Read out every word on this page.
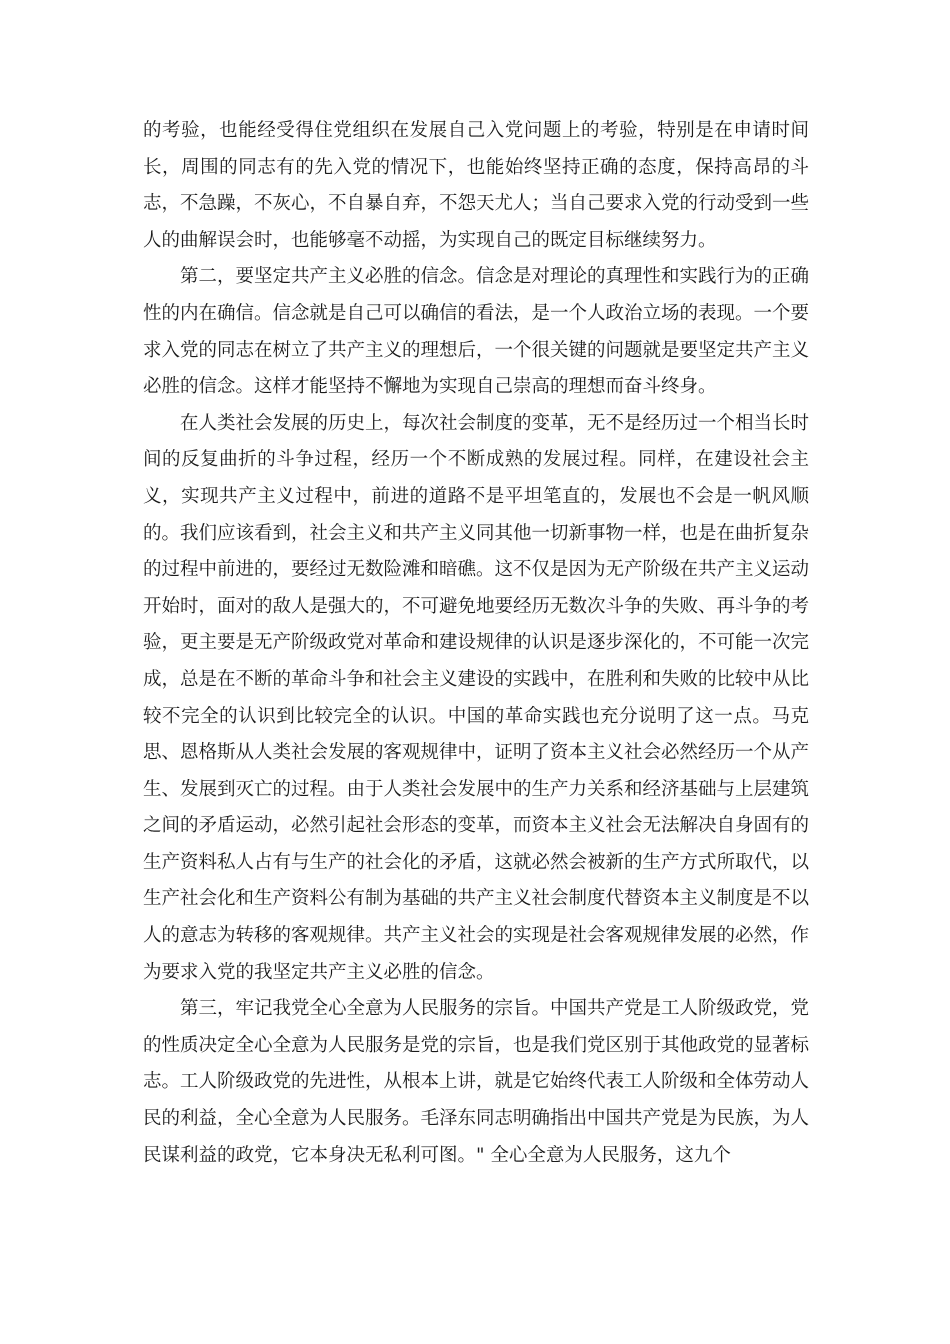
的考验，也能经受得住党组织在发展自己入党问题上的考验，特别是在申请时间长，周围的同志有的先入党的情况下，也能始终坚持正确的态度，保持高昂的斗志，不急躁，不灰心，不自暴自弃，不怨天尤人；当自己要求入党的行动受到一些人的曲解误会时，也能够毫不动摇，为实现自己的既定目标继续努力。

第二，要坚定共产主义必胜的信念。信念是对理论的真理性和实践行为的正确性的内在确信。信念就是自己可以确信的看法，是一个人政治立场的表现。一个要求入党的同志在树立了共产主义的理想后，一个很关键的问题就是要坚定共产主义必胜的信念。这样才能坚持不懈地为实现自己崇高的理想而奋斗终身。

在人类社会发展的历史上，每次社会制度的变革，无不是经历过一个相当长时间的反复曲折的斗争过程，经历一个不断成熟的发展过程。同样，在建设社会主义，实现共产主义过程中，前进的道路不是平坦笔直的，发展也不会是一帆风顺的。我们应该看到，社会主义和共产主义同其他一切新事物一样，也是在曲折复杂的过程中前进的，要经过无数险滩和暗礁。这不仅是因为无产阶级在共产主义运动开始时，面对的敌人是强大的，不可避免地要经历无数次斗争的失败、再斗争的考验，更主要是无产阶级政党对革命和建设规律的认识是逐步深化的，不可能一次完成，总是在不断的革命斗争和社会主义建设的实践中，在胜利和失败的比较中从比较不完全的认识到比较完全的认识。中国的革命实践也充分说明了这一点。马克思、恩格斯从人类社会发展的客观规律中，证明了资本主义社会必然经历一个从产生、发展到灭亡的过程。由于人类社会发展中的生产力关系和经济基础与上层建筑之间的矛盾运动，必然引起社会形态的变革，而资本主义社会无法解决自身固有的生产资料私人占有与生产的社会化的矛盾，这就必然会被新的生产方式所取代，以生产社会化和生产资料公有制为基础的共产主义社会制度代替资本主义制度是不以人的意志为转移的客观规律。共产主义社会的实现是社会客观规律发展的必然，作为要求入党的我坚定共产主义必胜的信念。

第三，牢记我党全心全意为人民服务的宗旨。中国共产党是工人阶级政党，党的性质决定全心全意为人民服务是党的宗旨，也是我们党区别于其他政党的显著标志。工人阶级政党的先进性，从根本上讲，就是它始终代表工人阶级和全体劳动人民的利益，全心全意为人民服务。毛泽东同志明确指出中国共产党是为民族，为人民谋利益的政党，它本身决无私利可图。" 全心全意为人民服务，这九个
